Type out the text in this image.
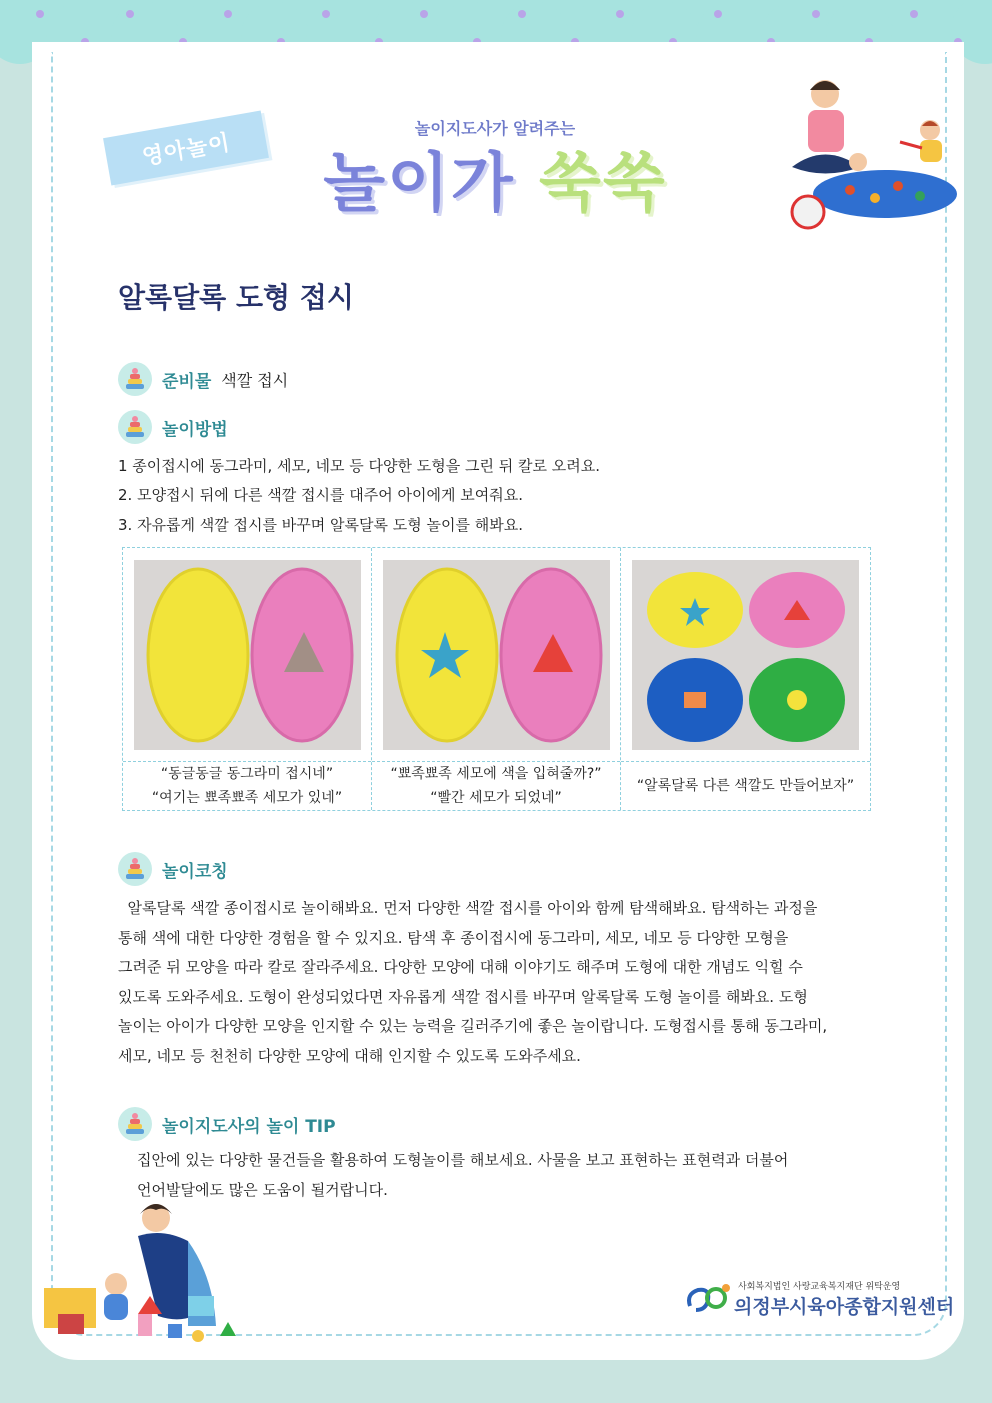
영아놀이
놀이지도사가 알려주는
놀이가 쑥쑥
알록달록 도형 접시
준비물 색깔 접시
놀이방법
1 종이접시에 동그라미, 세모, 네모 등 다양한 도형을 그린 뒤 칼로 오려요.
2. 모양접시 뒤에 다른 색깔 접시를 대주어 아이에게 보여줘요.
3. 자유롭게 색깔 접시를 바꾸며 알록달록 도형 놀이를 해봐요.
“동글동글 동그라미 접시네”
“여기는 뾰족뾰족 세모가 있네”
“뾰족뾰족 세모에 색을 입혀줄까?”
“빨간 세모가 되었네”
“알록달록 다른 색깔도 만들어보자”
놀이코칭
알록달록 색깔 종이접시로 놀이해봐요. 먼저 다양한 색깔 접시를 아이와 함께 탐색해봐요. 탐색하는 과정을
통해 색에 대한 다양한 경험을 할 수 있지요. 탐색 후 종이접시에 동그라미, 세모, 네모 등 다양한 모형을
그려준 뒤 모양을 따라 칼로 잘라주세요. 다양한 모양에 대해 이야기도 해주며 도형에 대한 개념도 익힐 수
있도록 도와주세요. 도형이 완성되었다면 자유롭게 색깔 접시를 바꾸며 알록달록 도형 놀이를 해봐요. 도형
놀이는 아이가 다양한 모양을 인지할 수 있는 능력을 길러주기에 좋은 놀이랍니다. 도형접시를 통해 동그라미,
세모, 네모 등 천천히 다양한 모양에 대해 인지할 수 있도록 도와주세요.
놀이지도사의 놀이 TIP
집안에 있는 다양한 물건들을 활용하여 도형놀이를 해보세요. 사물을 보고 표현하는 표현력과 더불어
언어발달에도 많은 도움이 될거랍니다.
사회복지법인 사랑교육복지재단 위탁운영
의정부시육아종합지원센터
